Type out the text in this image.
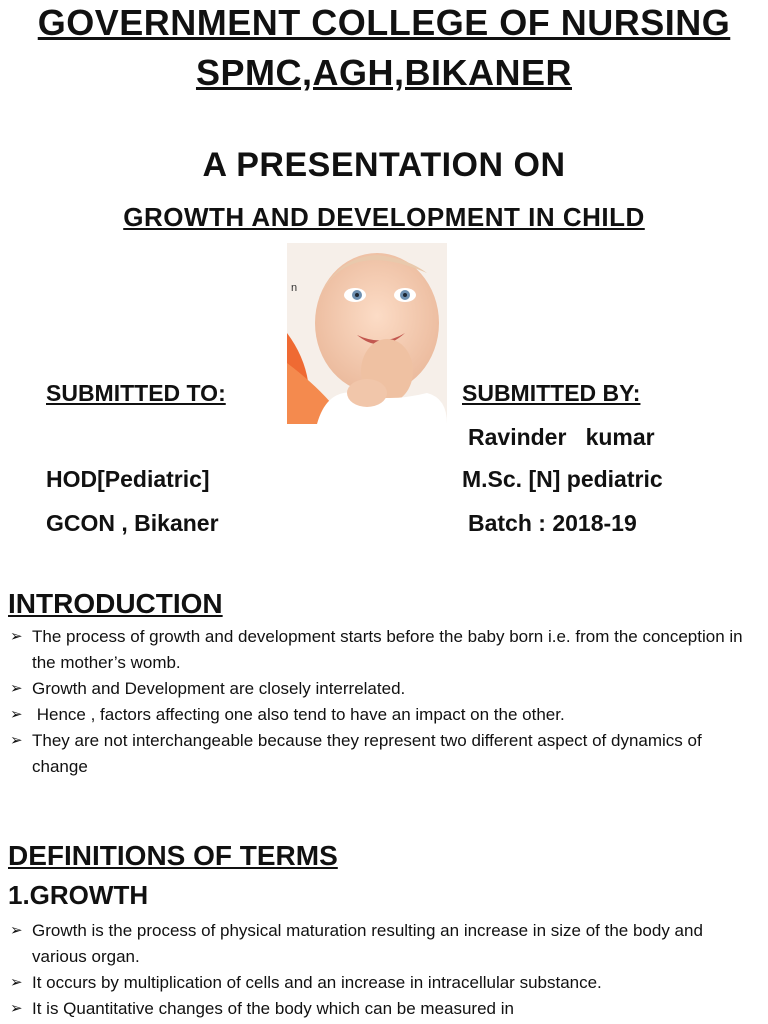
GOVERNMENT COLLEGE OF NURSING
SPMC,AGH,BIKANER
A PRESENTATION ON
GROWTH AND DEVELOPMENT IN CHILD
n
SUBMITTED TO:
HOD[Pediatric]
GCON , Bikaner
SUBMITTED BY:
Ravinder   kumar
M.Sc. [N] pediatric
Batch : 2018-19
INTRODUCTION
➢ The process of growth and development starts before the baby born i.e. from the conception in the mother’s womb.
➢ Growth and Development are closely interrelated.
➢ Hence , factors affecting one also tend to have an impact on the other.
➢ They are not interchangeable because they represent two different aspect of dynamics of change
DEFINITIONS OF TERMS
1.GROWTH
➢ Growth is the process of physical maturation resulting an increase in size of the body and various organ.
➢ It occurs by multiplication of cells and an increase in intracellular substance.
➢ It is Quantitative changes of the body which can be measured in
